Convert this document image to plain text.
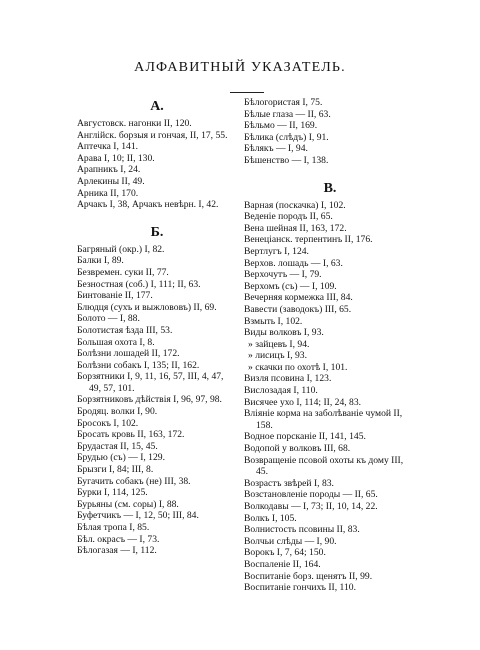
АЛФАВИТНЫЙ УКАЗАТЕЛЬ.
А.
Августовск. нагонки II, 120.
Англійск. борзыя и гончая, II, 17, 55.
Аптечка I, 141.
Арава I, 10; II, 130.
Арапникъ I, 24.
Арлекины II, 49.
Арника II, 170.
Арчакъ I, 38, Арчакъ невѣрн. I, 42.
Б.
Багряный (окр.) I, 82.
Балки I, 89.
Безвремен. суки II, 77.
Безностная (соб.) I, 111; II, 63.
Бинтованіе II, 177.
Блюдця (сухъ и выжлововъ) II, 69.
Болото — I, 88.
Болотистая ѣзда III, 53.
Большая охота I, 8.
Болѣзни лошадей II, 172.
Болѣзни собакъ I, 135; II, 162.
Борзятники I, 9, 11, 16, 57, III, 4, 47, 49, 57, 101.
Борзятниковъ дѣйствія I, 96, 97, 98.
Бродяц. волки I, 90.
Бросокъ I, 102.
Бросать кровь II, 163, 172.
Брудастая II, 15, 45.
Брудью (съ) — I, 129.
Брызги I, 84; III, 8.
Бугачить собакъ (не) III, 38.
Бурки I, 114, 125.
Бурьяны (см. соры) I, 88.
Буфетчикъ — I, 12, 50; III, 84.
Бѣлая тропа I, 85.
Бѣл. окрасъ — I, 73.
Бѣлогазая — I, 112.
Бѣлогористая I, 75.
Бѣлые глаза — II, 63.
Бѣльмо — II, 169.
Бѣлика (слѣдъ) I, 91.
Бѣлякъ — I, 94.
Бѣшенство — I, 138.
В.
Варная (поскачка) I, 102.
Веденіе породъ II, 65.
Вена шейная II, 163, 172.
Венеціанск. терпентинъ II, 176.
Вертлугъ I, 124.
Верхов. лошадь — I, 63.
Верхочутъ — I, 79.
Верхомъ (съ) — I, 109.
Вечерняя кормежка III, 84.
Вавести (заводокъ) III, 65.
Взмыть I, 102.
Виды волковъ I, 93.
» зайцевъ I, 94.
» лисицъ I, 93.
» скачки по охотѣ I, 101.
Визля псовина I, 123.
Вислозадая I, 110.
Висячее ухо I, 114; II, 24, 83.
Вліяніе корма на заболѣваніе чумой II, 158.
Водное порсканіе II, 141, 145.
Водопой у волковъ III, 68.
Возвращеніе псовой охоты къ дому III, 45.
Возрастъ звѣрей I, 83.
Возстановленіе породы — II, 65.
Волкодавы — I, 73; II, 10, 14, 22.
Волкъ I, 105.
Волнистость псовины II, 83.
Волчьи слѣды — I, 90.
Ворокъ I, 7, 64; 150.
Воспаленіе II, 164.
Воспитаніе борз. щенятъ II, 99.
Воспитаніе гончихъ II, 110.
